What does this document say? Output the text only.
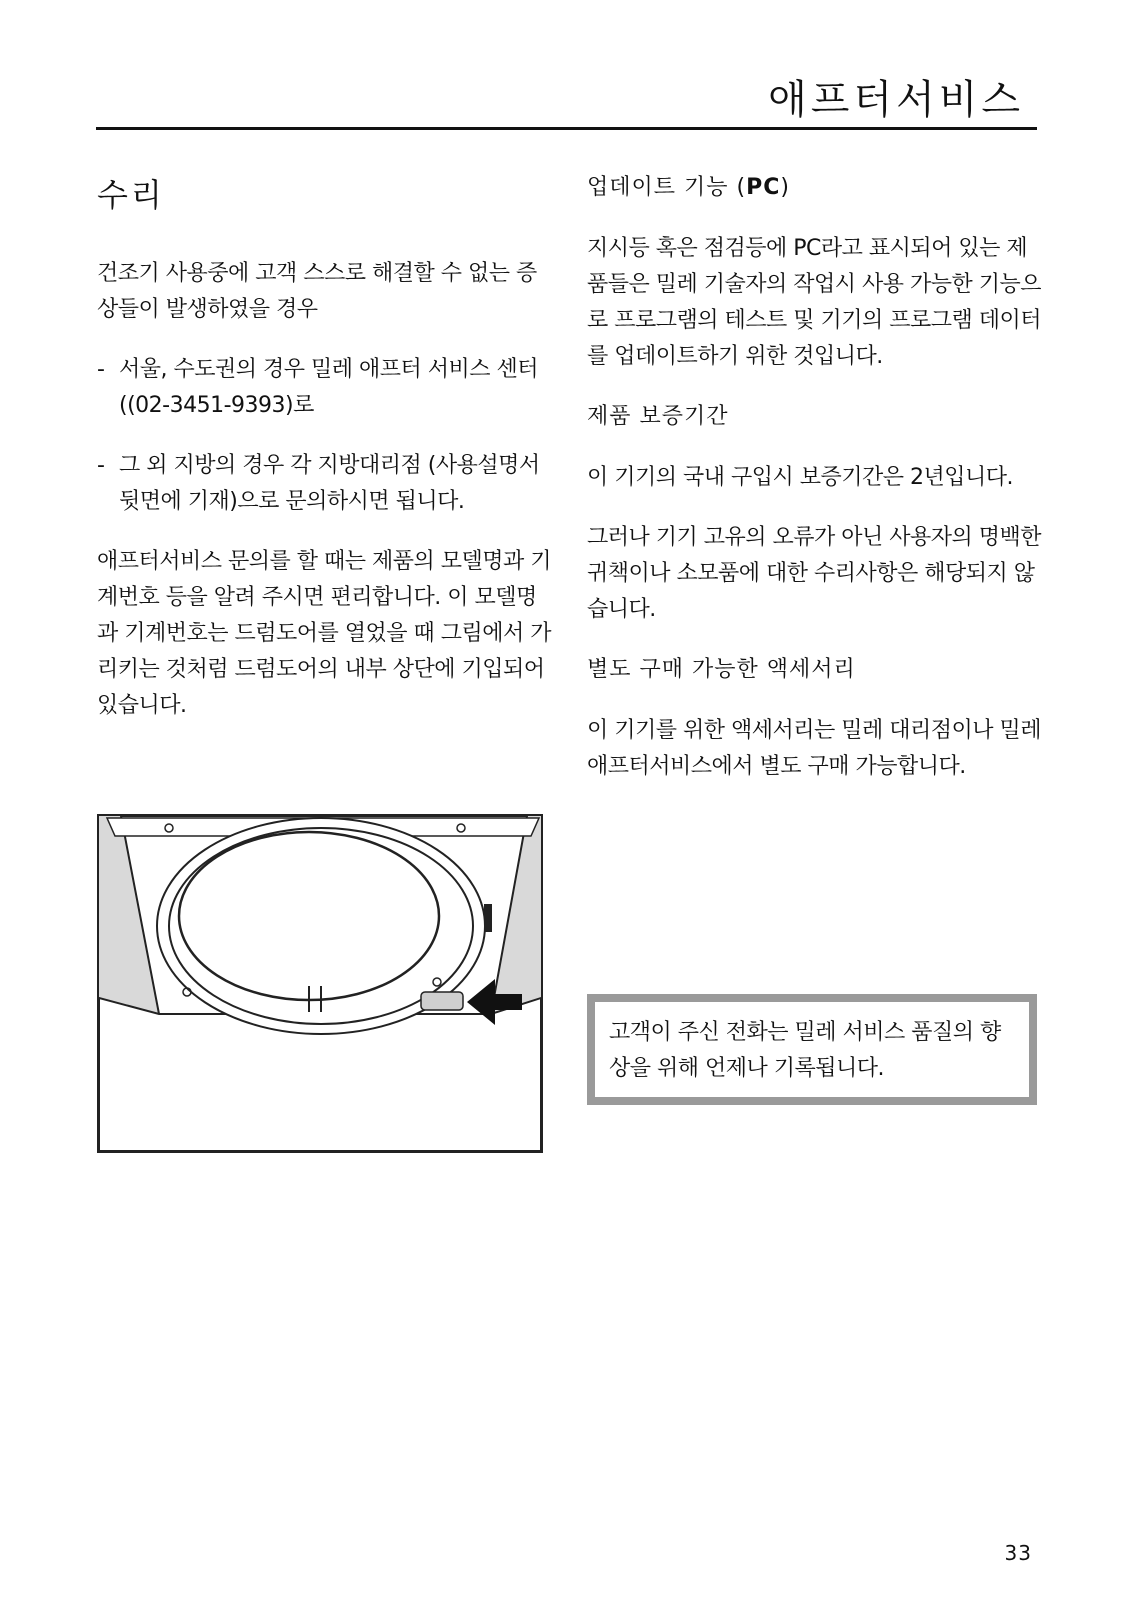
애프터서비스
수리

건조기 사용중에 고객 스스로 해결할 수 없는 증상들이 발생하였을 경우

- 서울, 수도권의 경우 밀레 애프터 서비스 센터((02-3451-9393)로

- 그 외 지방의 경우 각 지방대리점 (사용설명서 뒷면에 기재)으로 문의하시면 됩니다.

애프터서비스 문의를 할 때는 제품의 모델명과 기계번호 등을 알려 주시면 편리합니다. 이 모델명과 기계번호는 드럼도어를 열었을 때 그림에서 가리키는 것처럼 드럼도어의 내부 상단에 기입되어 있습니다.

업데이트 기능 (PC)

지시등 혹은 점검등에 PC라고 표시되어 있는 제품들은 밀레 기술자의 작업시 사용 가능한 기능으로 프로그램의 테스트 및 기기의 프로그램 데이터를 업데이트하기 위한 것입니다.

제품 보증기간

이 기기의 국내 구입시 보증기간은 2년입니다.

그러나 기기 고유의 오류가 아닌 사용자의 명백한 귀책이나 소모품에 대한 수리사항은 해당되지 않습니다.

별도 구매 가능한 액세서리

이 기기를 위한 액세서리는 밀레 대리점이나 밀레 애프터서비스에서 별도 구매 가능합니다.

고객이 주신 전화는 밀레 서비스 품질의 향상을 위해 언제나 기록됩니다.

33
